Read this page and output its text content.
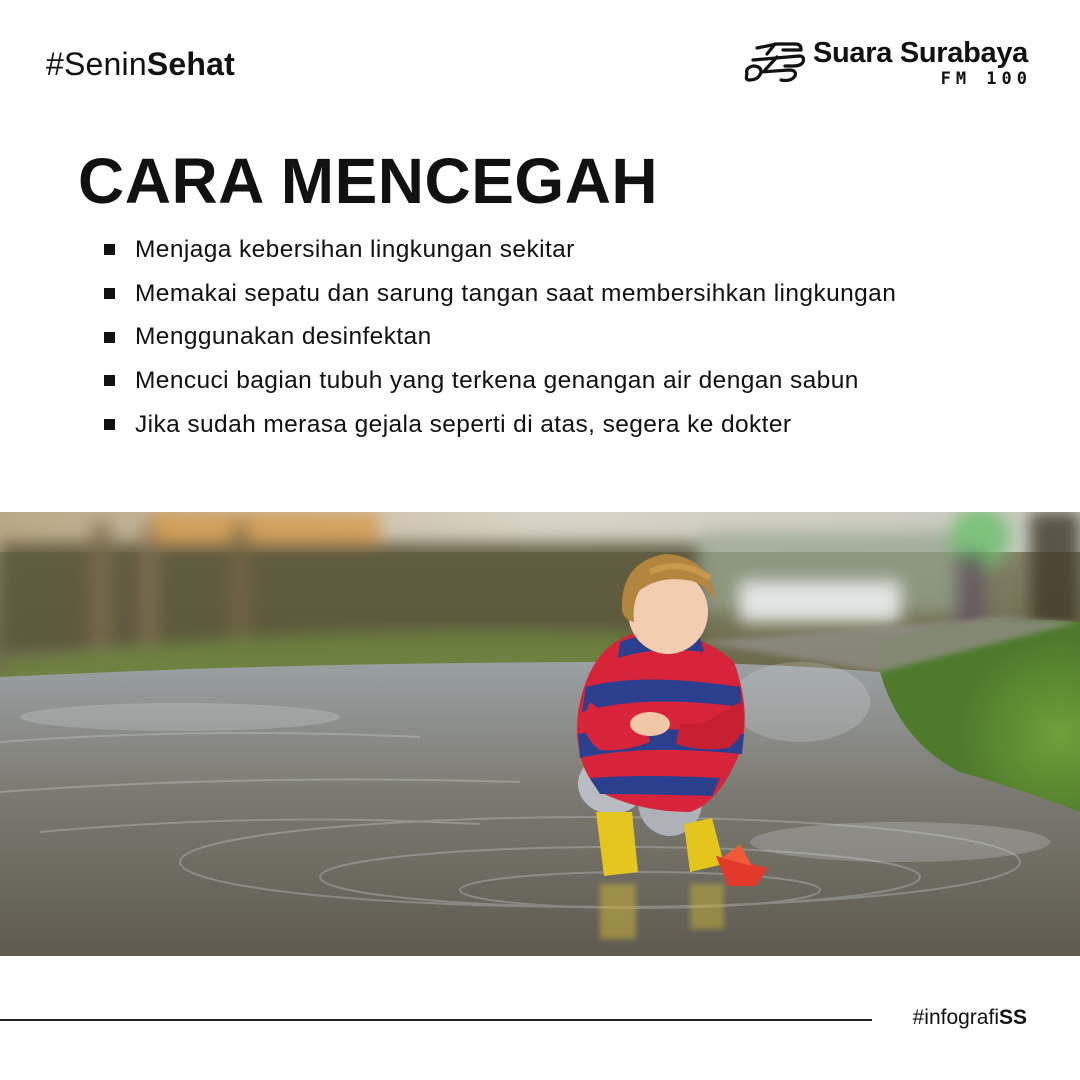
#SeninSehat	Suara Surabaya
FM 100
CARA MENCEGAH
Menjaga kebersihan lingkungan sekitar
Memakai sepatu dan sarung tangan saat membersihkan lingkungan
Menggunakan desinfektan
Mencuci bagian tubuh yang terkena genangan air dengan sabun
Jika sudah merasa gejala seperti di atas, segera ke dokter
#infografiSS
